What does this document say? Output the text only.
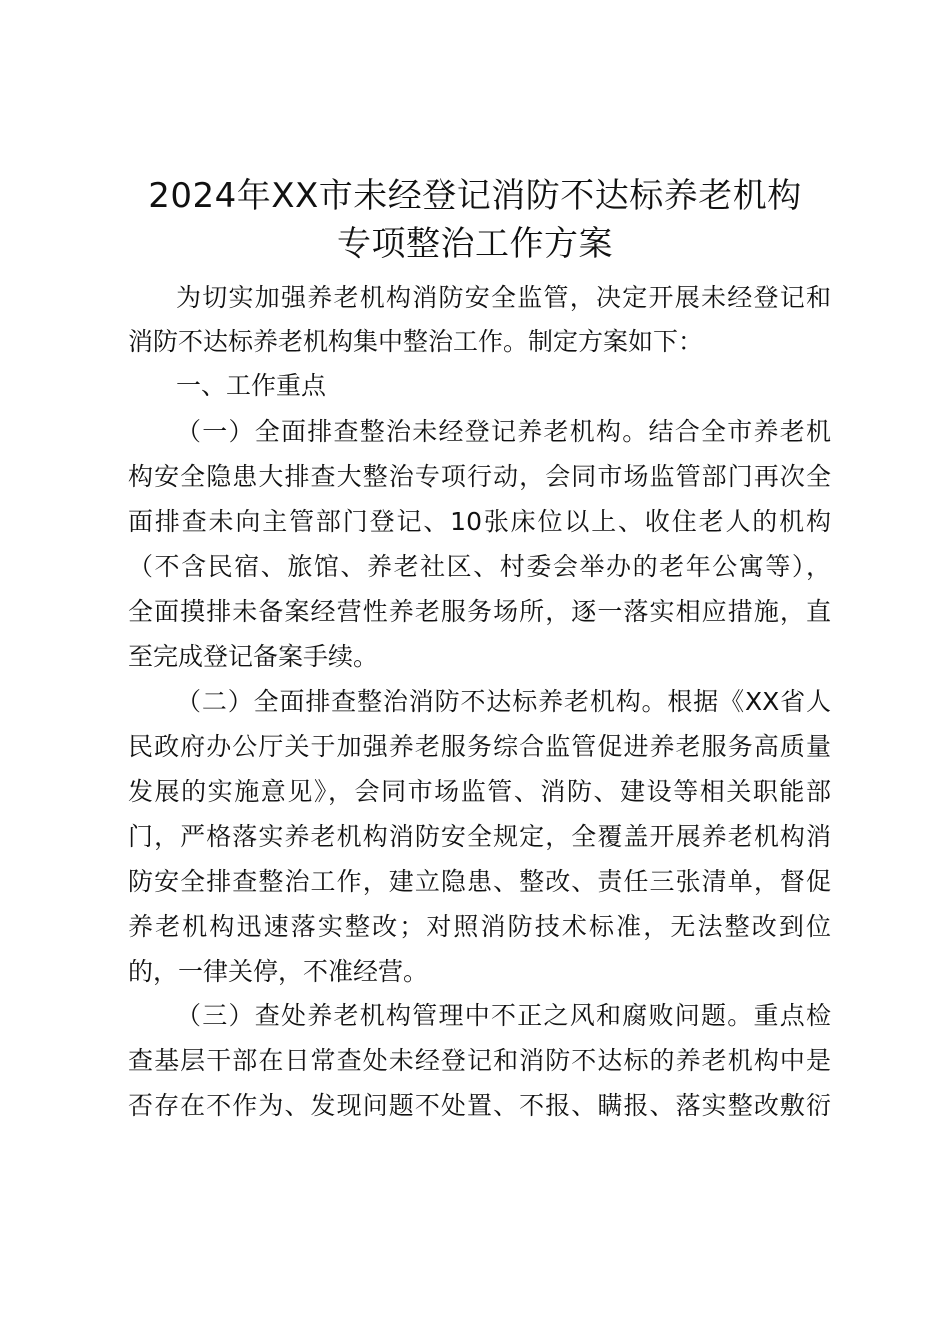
2024年XX市未经登记消防不达标养老机构
专项整治工作方案
为切实加强养老机构消防安全监管，决定开展未经登记和
消防不达标养老机构集中整治工作。制定方案如下：
一、工作重点
（一）全面排查整治未经登记养老机构。结合全市养老机
构安全隐患大排查大整治专项行动，会同市场监管部门再次全
面排查未向主管部门登记、10张床位以上、收住老人的机构
（不含民宿、旅馆、养老社区、村委会举办的老年公寓等），
全面摸排未备案经营性养老服务场所，逐一落实相应措施，直
至完成登记备案手续。
（二）全面排查整治消防不达标养老机构。根据《XX省人
民政府办公厅关于加强养老服务综合监管促进养老服务高质量
发展的实施意见》，会同市场监管、消防、建设等相关职能部
门，严格落实养老机构消防安全规定，全覆盖开展养老机构消
防安全排查整治工作，建立隐患、整改、责任三张清单，督促
养老机构迅速落实整改；对照消防技术标准，无法整改到位
的，一律关停，不准经营。
（三）查处养老机构管理中不正之风和腐败问题。重点检
查基层干部在日常查处未经登记和消防不达标的养老机构中是
否存在不作为、发现问题不处置、不报、瞒报、落实整改敷衍
